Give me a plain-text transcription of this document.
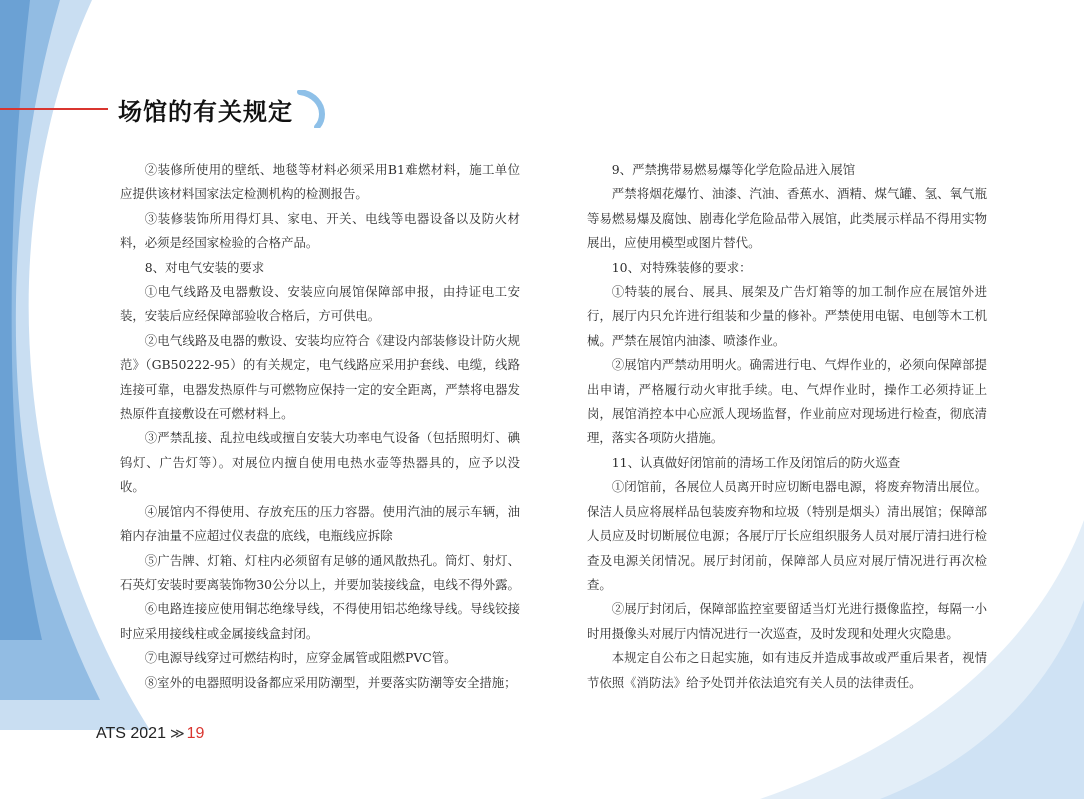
场馆的有关规定

②装修所使用的壁纸、地毯等材料必须采用B1难燃材料，施工单位应提供该材料国家法定检测机构的检测报告。

③装修装饰所用得灯具、家电、开关、电线等电器设备以及防火材料，必须是经国家检验的合格产品。

8、对电气安装的要求

①电气线路及电器敷设、安装应向展馆保障部申报，由持证电工安装，安装后应经保障部验收合格后，方可供电。

②电气线路及电器的敷设、安装均应符合《建设内部装修设计防火规范》（GB50222-95）的有关规定，电气线路应采用护套线、电缆，线路连接可靠，电器发热原件与可燃物应保持一定的安全距离，严禁将电器发热原件直接敷设在可燃材料上。

③严禁乱接、乱拉电线或擅自安装大功率电气设备（包括照明灯、碘钨灯、广告灯等）。对展位内擅自使用电热水壶等热器具的，应予以没收。

④展馆内不得使用、存放充压的压力容器。使用汽油的展示车辆，油箱内存油量不应超过仪表盘的底线，电瓶线应拆除

⑤广告牌、灯箱、灯柱内必须留有足够的通风散热孔。筒灯、射灯、石英灯安装时要离装饰物30公分以上，并要加装接线盒，电线不得外露。

⑥电路连接应使用铜芯绝缘导线，不得使用铝芯绝缘导线。导线铰接时应采用接线柱或金属接线盒封闭。

⑦电源导线穿过可燃结构时，应穿金属管或阻燃PVC管。

⑧室外的电器照明设备都应采用防潮型，并要落实防潮等安全措施；

9、严禁携带易燃易爆等化学危险品进入展馆

严禁将烟花爆竹、油漆、汽油、香蕉水、酒精、煤气罐、氢、氧气瓶等易燃易爆及腐蚀、剧毒化学危险品带入展馆，此类展示样品不得用实物展出，应使用模型或图片替代。

10、对特殊装修的要求：

①特装的展台、展具、展架及广告灯箱等的加工制作应在展馆外进行，展厅内只允许进行组装和少量的修补。严禁使用电锯、电刨等木工机械。严禁在展馆内油漆、喷漆作业。

②展馆内严禁动用明火。确需进行电、气焊作业的，必须向保障部提出申请，严格履行动火审批手续。电、气焊作业时，操作工必须持证上岗，展馆消控本中心应派人现场监督，作业前应对现场进行检查，彻底清理，落实各项防火措施。

11、认真做好闭馆前的清场工作及闭馆后的防火巡查

①闭馆前，各展位人员离开时应切断电器电源，将废弃物清出展位。保洁人员应将展样品包装废弃物和垃圾（特别是烟头）清出展馆；保障部人员应及时切断展位电源；各展厅厅长应组织服务人员对展厅清扫进行检查及电源关闭情况。展厅封闭前，保障部人员应对展厅情况进行再次检查。

②展厅封闭后，保障部监控室要留适当灯光进行摄像监控，每隔一小时用摄像头对展厅内情况进行一次巡查，及时发现和处理火灾隐患。

本规定自公布之日起实施，如有违反并造成事故或严重后果者，视情节依照《消防法》给予处罚并依法追究有关人员的法律责任。

ATS 2021 ≫ 19
